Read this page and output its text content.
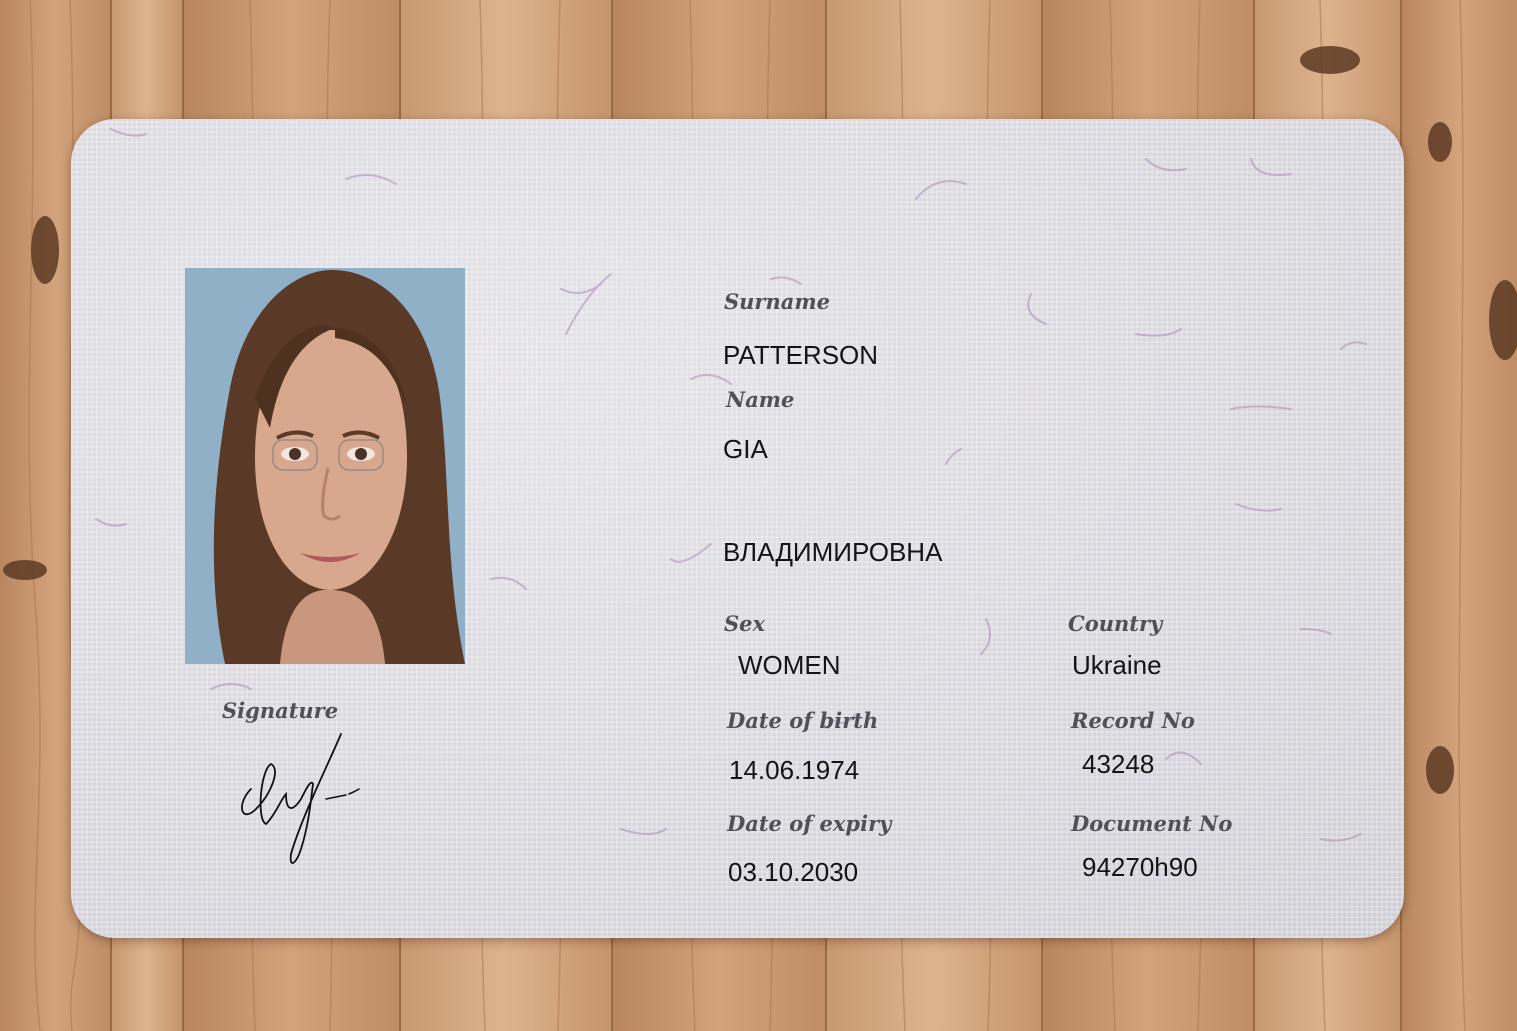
Signature
Surname
PATTERSON
Name
GIA
ВЛАДИМИРОВНА
Sex
WOMEN
Country
Ukraine
Date of birth
14.06.1974
Record No
43248
Date of expiry
03.10.2030
Document No
94270h90
